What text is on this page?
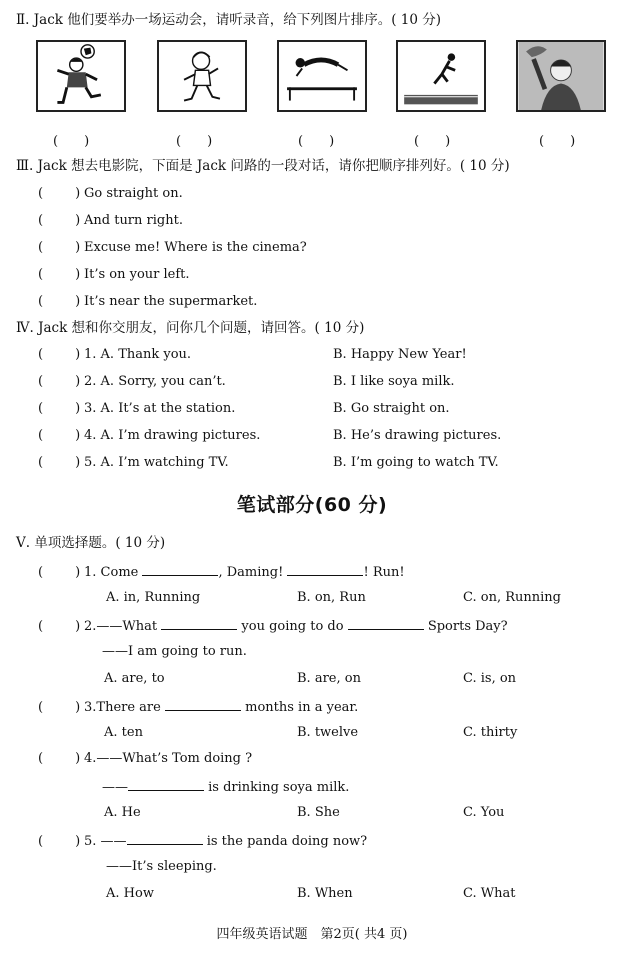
Ⅱ. Jack 他们要举办一场运动会，请听录音，给下列图片排序。( 10 分)
(　　)	(　　)	(　　)	(　　)	(　　)
Ⅲ. Jack 想去电影院，下面是 Jack 问路的一段对话，请你把顺序排列好。( 10 分)
( ) Go straight on.
( ) And turn right.
( ) Excuse me! Where is the cinema?
( ) It’s on your left.
( ) It’s near the supermarket.
Ⅳ. Jack 想和你交朋友，问你几个问题，请回答。( 10 分)
( ) 1. A. Thank you.	B. Happy New Year!
( ) 2. A. Sorry, you can’t.	B. I like soya milk.
( ) 3. A. It’s at the station.	B. Go straight on.
( ) 4. A. I’m drawing pictures.	B. He’s drawing pictures.
( ) 5. A. I’m watching TV.	B. I’m going to watch TV.
笔试部分(60 分)
Ⅴ. 单项选择题。( 10 分)
( ) 1. Come	, Daming!	! Run!
A. in, Running	B. on, Run	C. on, Running
( ) 2.——What	you going to do	Sports Day?
——I am going to run.
A. are, to	B. are, on	C. is, on
( ) 3.There are	months in a year.
A. ten	B. twelve	C. thirty
( ) 4.——What’s Tom doing ?
——	is drinking soya milk.
A. He	B. She	C. You
( ) 5. ——	is the panda doing now?
——It’s sleeping.
A. How	B. When	C. What
四年级英语试题　第2页( 共4 页)
